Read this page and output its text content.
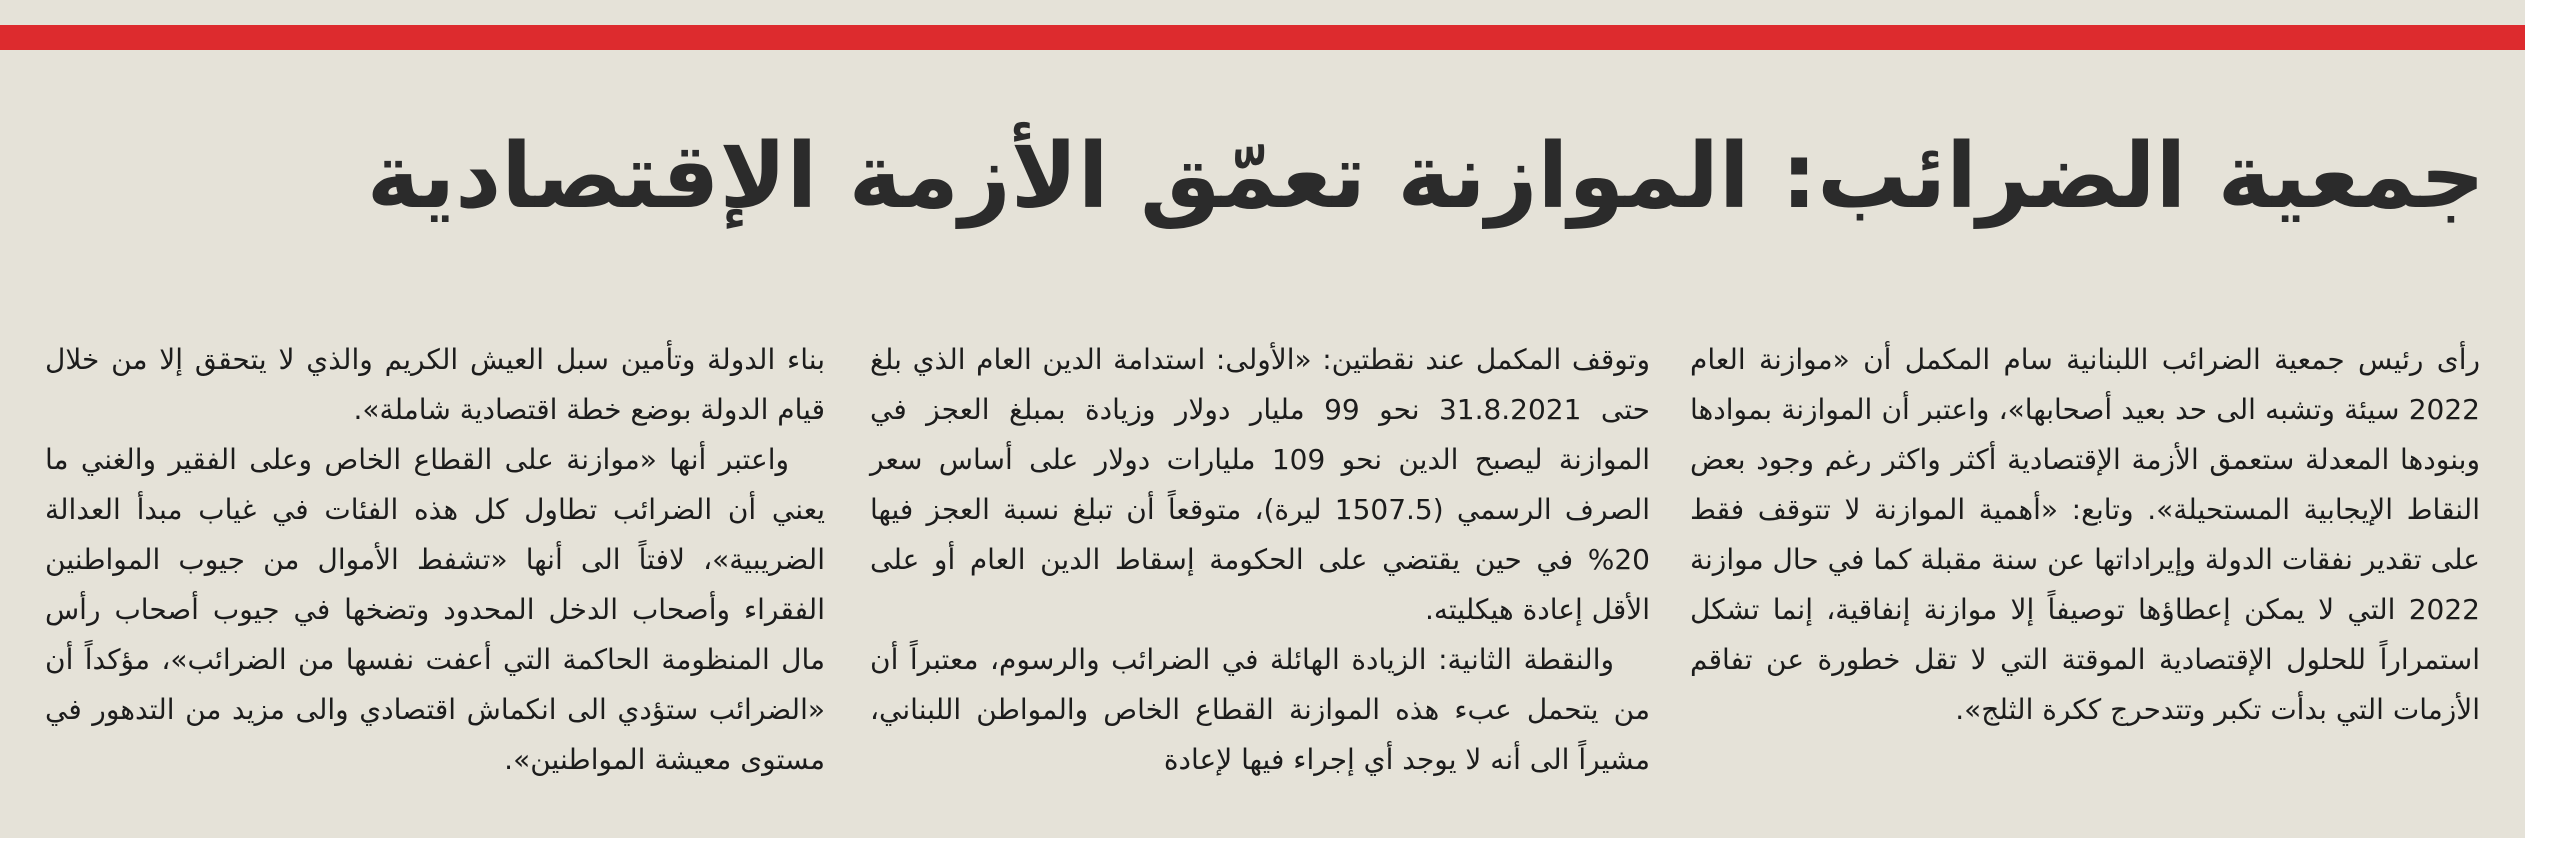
جمعية الضرائب: الموازنة تعمّق الأزمة الإقتصادية

رأى رئيس جمعية الضرائب اللبنانية سام المكمل أن «موازنة العام 2022 سيئة وتشبه الى حد بعيد أصحابها»، واعتبر أن الموازنة بموادها وبنودها المعدلة ستعمق الأزمة الإقتصادية أكثر واكثر رغم وجود بعض النقاط الإيجابية المستحيلة». وتابع: «أهمية الموازنة لا تتوقف فقط على تقدير نفقات الدولة وإيراداتها عن سنة مقبلة كما في حال موازنة 2022 التي لا يمكن إعطاؤها توصيفاً إلا موازنة إنفاقية، إنما تشكل استمراراً للحلول الإقتصادية الموقتة التي لا تقل خطورة عن تفاقم الأزمات التي بدأت تكبر وتتدحرج ككرة الثلج».

وتوقف المكمل عند نقطتين: «الأولى: استدامة الدين العام الذي بلغ حتى 31.8.2021 نحو 99 مليار دولار وزيادة بمبلغ العجز في الموازنة ليصبح الدين نحو 109 مليارات دولار على أساس سعر الصرف الرسمي (1507.5 ليرة)، متوقعاً أن تبلغ نسبة العجز فيها 20% في حين يقتضي على الحكومة إسقاط الدين العام أو على الأقل إعادة هيكليته.

والنقطة الثانية: الزيادة الهائلة في الضرائب والرسوم، معتبراً أن من يتحمل عبء هذه الموازنة القطاع الخاص والمواطن اللبناني، مشيراً الى أنه لا يوجد أي إجراء فيها لإعادة

بناء الدولة وتأمين سبل العيش الكريم والذي لا يتحقق إلا من خلال قيام الدولة بوضع خطة اقتصادية شاملة».

واعتبر أنها «موازنة على القطاع الخاص وعلى الفقير والغني ما يعني أن الضرائب تطاول كل هذه الفئات في غياب مبدأ العدالة الضريبية»، لافتاً الى أنها «تشفط الأموال من جيوب المواطنين الفقراء وأصحاب الدخل المحدود وتضخها في جيوب أصحاب رأس مال المنظومة الحاكمة التي أعفت نفسها من الضرائب»، مؤكداً أن «الضرائب ستؤدي الى انكماش اقتصادي والى مزيد من التدهور في مستوى معيشة المواطنين».
